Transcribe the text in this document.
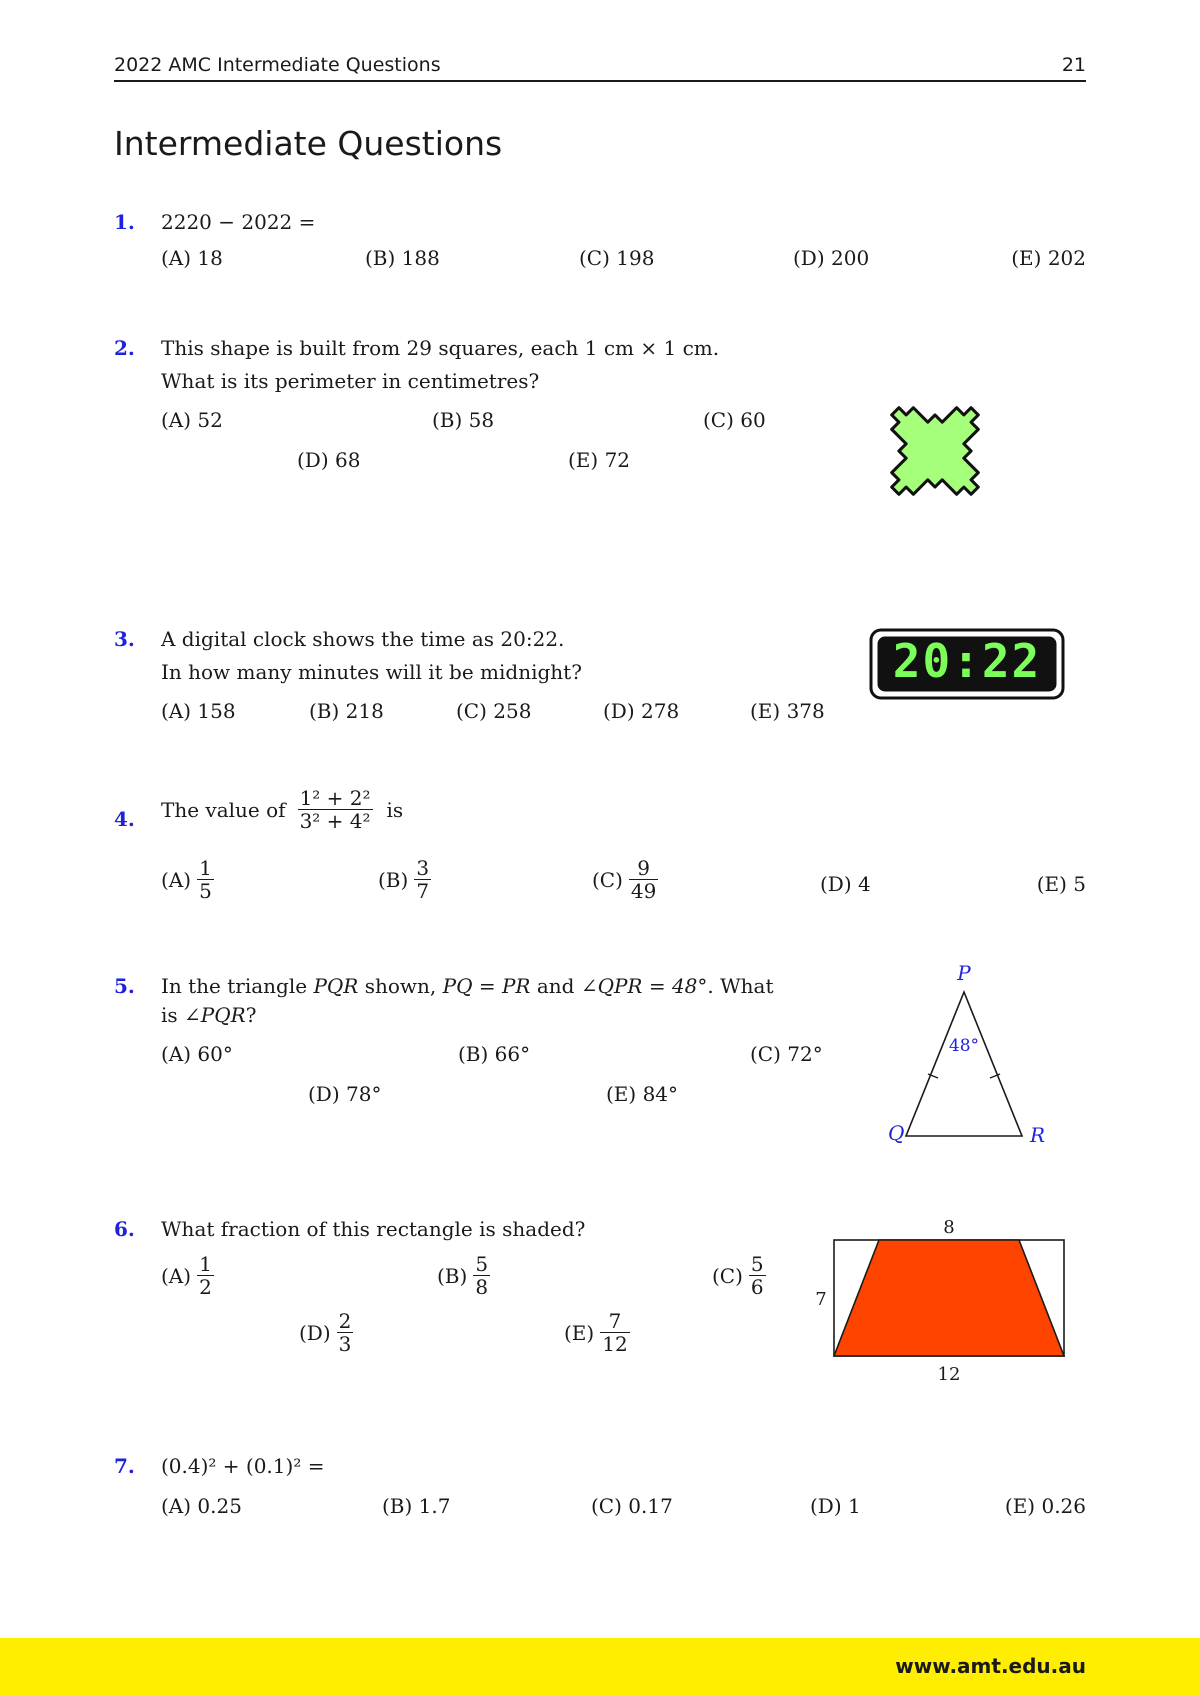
2022 AMC Intermediate Questions	21
Intermediate Questions
1. 2220 − 2022 =
(A) 18	(B) 188	(C) 198	(D) 200	(E) 202
2. This shape is built from 29 squares, each 1 cm × 1 cm.
What is its perimeter in centimetres?
(A) 52	(B) 58	(C) 60
(D) 68	(E) 72
3. A digital clock shows the time as 20:22.
In how many minutes will it be midnight?
(A) 158	(B) 218	(C) 258	(D) 278	(E) 378
20:22
4. The value of $\frac{\text{1² + 2²}}{\text{3² + 4²}}$ is
$(A) \frac{1}{5}$	$(B) \frac{3}{7}$	$(C) \frac{9}{49}$	(D) 4	(E) 5
5. In the triangle PQR shown, PQ = PR and ∠QPR = 48°. What
is ∠PQR?
(A) 60°	(B) 66°	(C) 72°
(D) 78°	(E) 84°
P
48°
Q	R
6. What fraction of this rectangle is shaded?
$(A) \frac{1}{2}$	$(B) \frac{5}{8}$	$(C) \frac{5}{6}$
$(D) \frac{2}{3}$	$(E) \frac{7}{12}$
8
12
7
7. (0.4)² + (0.1)² =
(A) 0.25	(B) 1.7	(C) 0.17	(D) 1	(E) 0.26
www.amt.edu.au
